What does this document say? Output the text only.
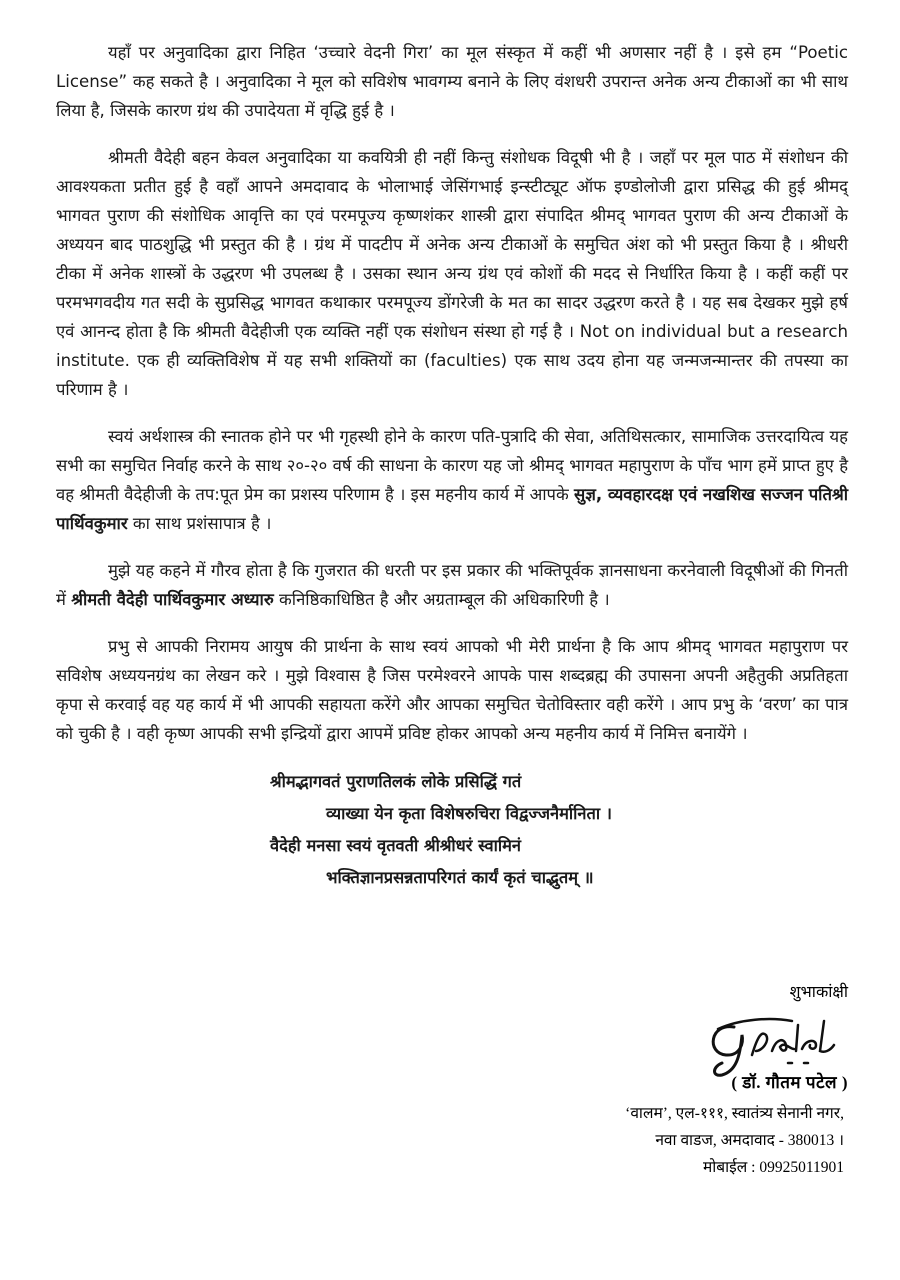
यहाँ पर अनुवादिका द्वारा निहित ‘उच्चारे वेदनी गिरा’ का मूल संस्कृत में कहीं भी अणसार नहीं है । इसे हम “Poetic License” कह सकते है । अनुवादिका ने मूल को सविशेष भावगम्य बनाने के लिए वंशधरी उपरान्त अनेक अन्य टीकाओं का भी साथ लिया है, जिसके कारण ग्रंथ की उपादेयता में वृद्धि हुई है ।

श्रीमती वैदेही बहन केवल अनुवादिका या कवयित्री ही नहीं किन्तु संशोधक विदूषी भी है । जहाँ पर मूल पाठ में संशोधन की आवश्यकता प्रतीत हुई है वहाँ आपने अमदावाद के भोलाभाई जेसिंगभाई इन्स्टीट्यूट ऑफ इण्डोलोजी द्वारा प्रसिद्ध की हुई श्रीमद् भागवत पुराण की संशोधिक आवृत्ति का एवं परमपूज्य कृष्णशंकर शास्त्री द्वारा संपादित श्रीमद् भागवत पुराण की अन्य टीकाओं के अध्ययन बाद पाठशुद्धि भी प्रस्तुत की है । ग्रंथ में पादटीप में अनेक अन्य टीकाओं के समुचित अंश को भी प्रस्तुत किया है । श्रीधरी टीका में अनेक शास्त्रों के उद्धरण भी उपलब्ध है । उसका स्थान अन्य ग्रंथ एवं कोशों की मदद से निर्धारित किया है । कहीं कहीं पर परमभगवदीय गत सदी के सुप्रसिद्ध भागवत कथाकार परमपूज्य डोंगरेजी के मत का सादर उद्धरण करते है । यह सब देखकर मुझे हर्ष एवं आनन्द होता है कि श्रीमती वैदेहीजी एक व्यक्ति नहीं एक संशोधन संस्था हो गई है । Not on individual but a research institute. एक ही व्यक्तिविशेष में यह सभी शक्तियों का (faculties) एक साथ उदय होना यह जन्मजन्मान्तर की तपस्या का परिणाम है ।

स्वयं अर्थशास्त्र की स्नातक होने पर भी गृहस्थी होने के कारण पति-पुत्रादि की सेवा, अतिथिसत्कार, सामाजिक उत्तरदायित्व यह सभी का समुचित निर्वाह करने के साथ २०-२० वर्ष की साधना के कारण यह जो श्रीमद् भागवत महापुराण के पाँच भाग हमें प्राप्त हुए है वह श्रीमती वैदेहीजी के तप:पूत प्रेम का प्रशस्य परिणाम है । इस महनीय कार्य में आपके सुज्ञ, व्यवहारदक्ष एवं नखशिख सज्जन पतिश्री पार्थिवकुमार का साथ प्रशंसापात्र है ।

मुझे यह कहने में गौरव होता है कि गुजरात की धरती पर इस प्रकार की भक्तिपूर्वक ज्ञानसाधना करनेवाली विदूषीओं की गिनती में श्रीमती वैदेही पार्थिवकुमार अध्यारु कनिष्ठिकाधिष्ठित है और अग्रताम्बूल की अधिकारिणी है ।

प्रभु से आपकी निरामय आयुष की प्रार्थना के साथ स्वयं आपको भी मेरी प्रार्थना है कि आप श्रीमद् भागवत महापुराण पर सविशेष अध्ययनग्रंथ का लेखन करे । मुझे विश्वास है जिस परमेश्वरने आपके पास शब्दब्रह्म की उपासना अपनी अहैतुकी अप्रतिहता कृपा से करवाई वह यह कार्य में भी आपकी सहायता करेंगे और आपका समुचित चेतोविस्तार वही करेंगे । आप प्रभु के ‘वरण’ का पात्र को चुकी है । वही कृष्ण आपकी सभी इन्द्रियों द्वारा आपमें प्रविष्ट होकर आपको अन्य महनीय कार्य में निमित्त बनायेंगे ।

श्रीमद्भागवतं पुराणतिलकं लोके प्रसिद्धिं गतं
व्याख्या येन कृता विशेषरुचिरा विद्वज्जनैर्मानिता ।
वैदेही मनसा स्वयं वृतवती श्रीश्रीधरं स्वामिनं
भक्तिज्ञानप्रसन्नतापरिगतं कार्यं कृतं चाद्भुतम् ॥
शुभाकांक्षी
( डॉ. गौतम पटेल )
‘वालम’, एल-१११, स्वातंत्र्य सेनानी नगर,
नवा वाडज, अमदावाद - 380013 ।
मोबाईल : 09925011901
